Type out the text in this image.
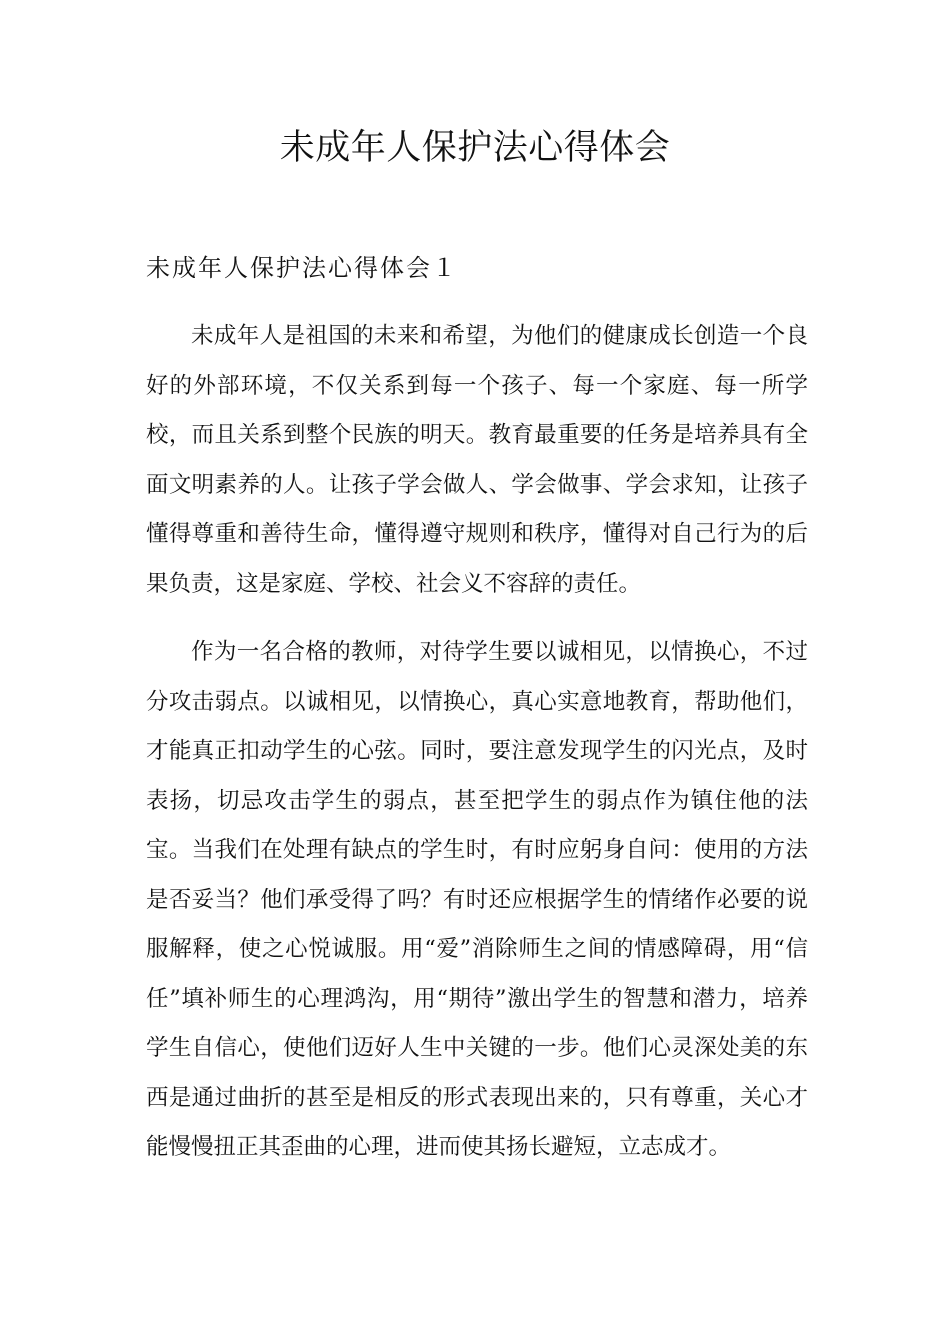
未成年人保护法心得体会
未成年人保护法心得体会１

未成年人是祖国的未来和希望，为他们的健康成长创造一个良好的外部环境，不仅关系到每一个孩子、每一个家庭、每一所学校，而且关系到整个民族的明天。教育最重要的任务是培养具有全面文明素养的人。让孩子学会做人、学会做事、学会求知，让孩子懂得尊重和善待生命，懂得遵守规则和秩序，懂得对自己行为的后果负责，这是家庭、学校、社会义不容辞的责任。

作为一名合格的教师，对待学生要以诚相见，以情换心，不过分攻击弱点。以诚相见，以情换心，真心实意地教育，帮助他们，才能真正扣动学生的心弦。同时，要注意发现学生的闪光点，及时表扬，切忌攻击学生的弱点，甚至把学生的弱点作为镇住他的法宝。当我们在处理有缺点的学生时，有时应躬身自问：使用的方法是否妥当？他们承受得了吗？有时还应根据学生的情绪作必要的说服解释，使之心悦诚服。用“爱”消除师生之间的情感障碍，用“信任”填补师生的心理鸿沟，用“期待”激出学生的智慧和潜力，培养学生自信心，使他们迈好人生中关键的一步。他们心灵深处美的东西是通过曲折的甚至是相反的形式表现出来的，只有尊重，关心才能慢慢扭正其歪曲的心理，进而使其扬长避短，立志成才。
